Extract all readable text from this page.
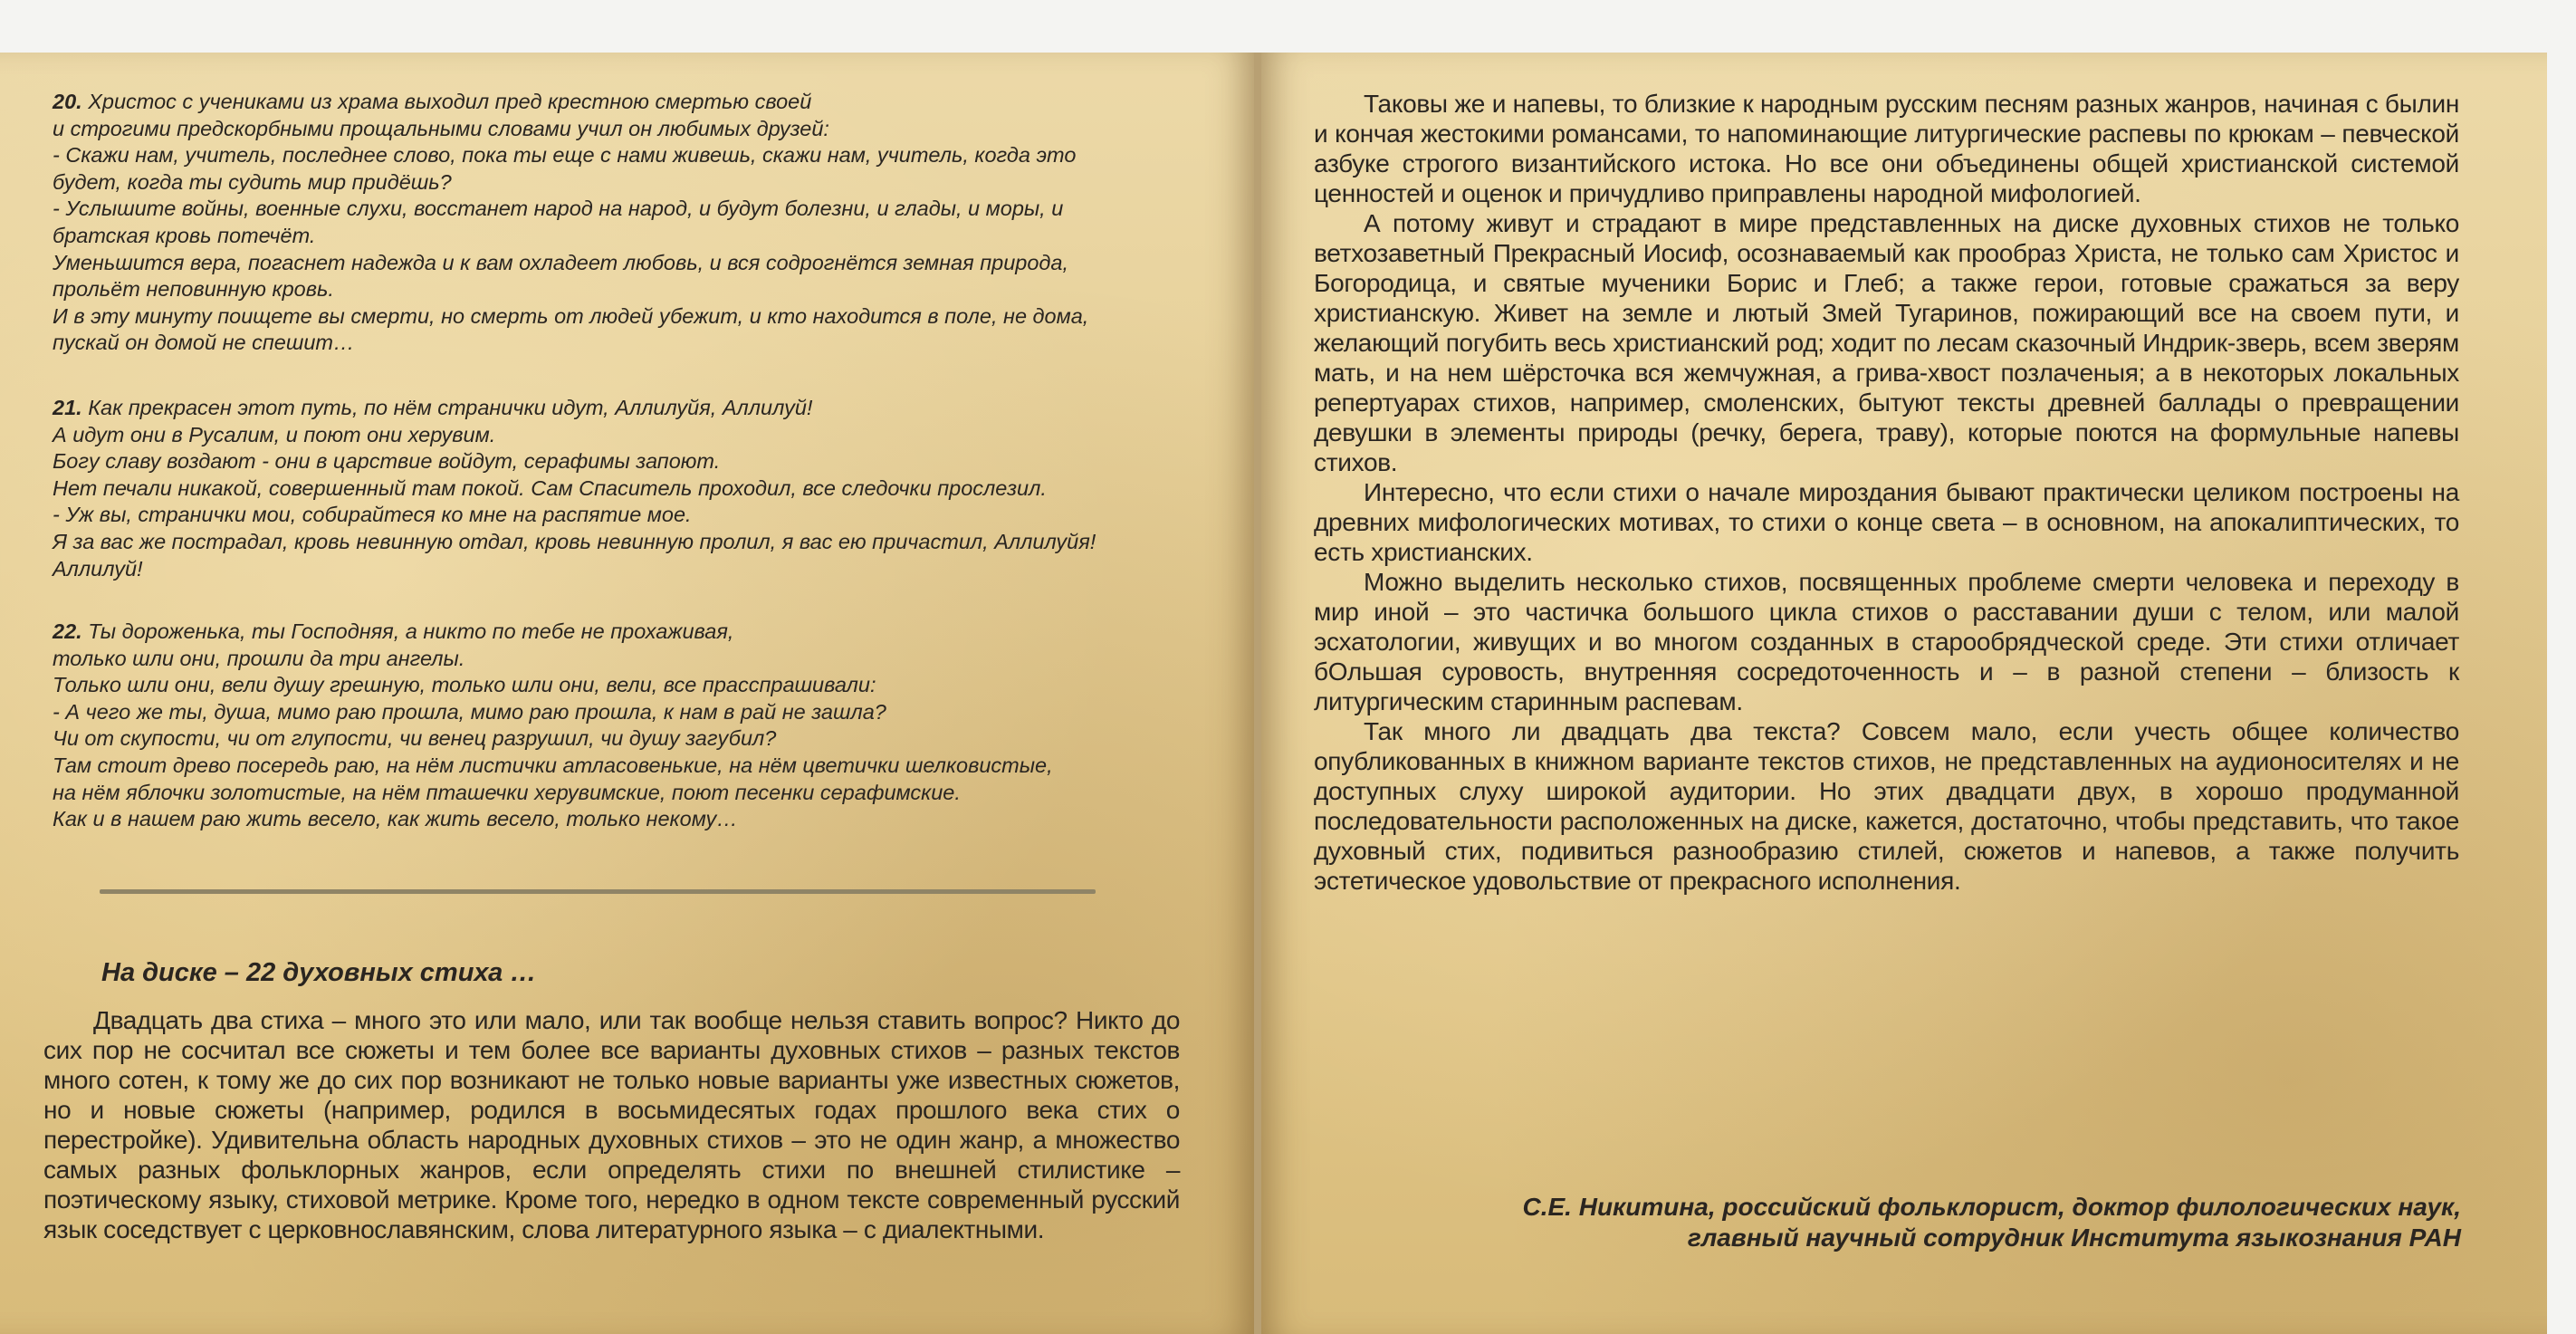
20. Христос с учениками из храма выходил пред крестною смертью своей
и строгими предскорбными прощальными словами учил он любимых друзей:
- Скажи нам, учитель, последнее слово, пока ты еще с нами живешь, скажи нам, учитель, когда это
будет, когда ты судить мир придёшь?
- Услышите войны, военные слухи, восстанет народ на народ, и будут болезни, и глады, и моры, и
братская кровь потечёт.
Уменьшится вера, погаснет надежда и к вам охладеет любовь, и вся содрогнётся земная природа,
прольёт неповинную кровь.
И в эту минуту поищете вы смерти, но смерть от людей убежит, и кто находится в поле, не дома,
пускай он домой не спешит…
21. Как прекрасен этот путь, по нём странички идут, Аллилуйя, Аллилуй!
А идут они в Русалим, и поют они херувим.
Богу славу воздают - они в царствие войдут, серафимы запоют.
Нет печали никакой, совершенный там покой. Сам Спаситель проходил, все следочки прослезил.
- Уж вы, странички мои, собирайтеся ко мне на распятие мое.
Я за вас же пострадал, кровь невинную отдал, кровь невинную пролил, я вас ею причастил, Аллилуйя!
Аллилуй!
22. Ты дороженька, ты Господняя, а никто по тебе не прохаживая,
только шли они, прошли да три ангелы.
Только шли они, вели душу грешную, только шли они, вели, все прасспрашивали:
- А чего же ты, душа, мимо раю прошла, мимо раю прошла, к нам в рай не зашла?
Чи от скупости, чи от глупости, чи венец разрушил, чи душу загубил?
Там стоит древо посередь раю, на нём листички атласовенькие, на нём цветички шелковистые,
на нём яблочки золотистые, на нём пташечки херувимские, поют песенки серафимские.
Как и в нашем раю жить весело, как жить весело, только некому…
На диске – 22 духовных стиха …

Двадцать два стиха – много это или мало, или так вообще нельзя ставить вопрос? Никто до сих пор не сосчитал все сюжеты и тем более все варианты духовных стихов – разных текстов много сотен, к тому же до сих пор возникают не только новые варианты уже известных сюжетов, но и новые сюжеты (например, родился в восьмидесятых годах прошлого века стих о перестройке). Удивительна область народных духовных стихов – это не один жанр, а множество самых разных фольклорных жанров, если определять стихи по внешней стилистике – поэтическому языку, стиховой метрике. Кроме того, нередко в одном тексте современный русский язык соседствует с церковнославянским, слова литературного языка – с диалектными.

Таковы же и напевы, то близкие к народным русским песням разных жанров, начиная с былин и кончая жестокими романсами, то напоминающие литургические распевы по крюкам – певческой азбуке строгого византийского истока. Но все они объединены общей христианской системой ценностей и оценок и причудливо приправлены народной мифологией.

А потому живут и страдают в мире представленных на диске духовных стихов не только ветхозаветный Прекрасный Иосиф, осознаваемый как прообраз Христа, не только сам Христос и Богородица, и святые мученики Борис и Глеб; а также герои, готовые сражаться за веру христианскую. Живет на земле и лютый Змей Тугаринов, пожирающий все на своем пути, и желающий погубить весь христианский род; ходит по лесам сказочный Индрик-зверь, всем зверям мать, и на нем шёрсточка вся жемчужная, а грива-хвост позлаченыя; а в некоторых локальных репертуарах стихов, например, смоленских, бытуют тексты древней баллады о превращении девушки в элементы природы (речку, берега, траву), которые поются на формульные напевы стихов.

Интересно, что если стихи о начале мироздания бывают практически целиком построены на древних мифологических мотивах, то стихи о конце света – в основном, на апокалиптических, то есть христианских.

Можно выделить несколько стихов, посвященных проблеме смерти человека и переходу в мир иной – это частичка большого цикла стихов о расставании души с телом, или малой эсхатологии, живущих и во многом созданных в старообрядческой среде. Эти стихи отличает бОльшая суровость, внутренняя сосредоточенность и – в разной степени – близость к литургическим старинным распевам.

Так много ли двадцать два текста? Совсем мало, если учесть общее количество опубликованных в книжном варианте текстов стихов, не представленных на аудионосителях и не доступных слуху широкой аудитории. Но этих двадцати двух, в хорошо продуманной последовательности расположенных на диске, кажется, достаточно, чтобы представить, что такое духовный стих, подивиться разнообразию стилей, сюжетов и напевов, а также получить эстетическое удовольствие от прекрасного исполнения.

С.Е. Никитина, российский фольклорист, доктор филологических наук,
главный научный сотрудник Института языкознания РАН
